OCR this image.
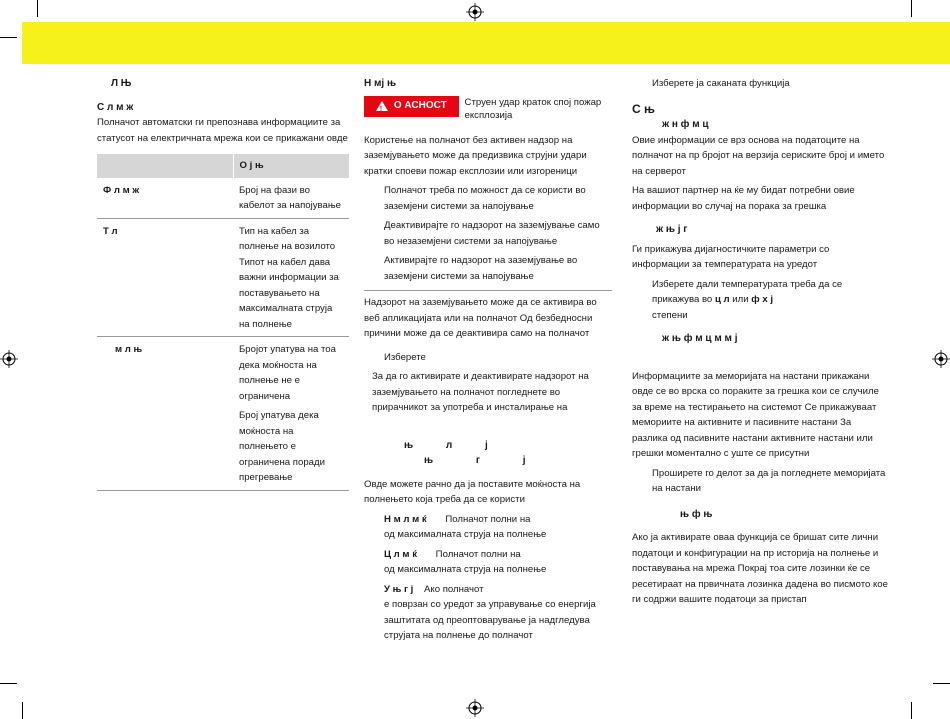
Л Њ
С л м ж

Полначот автоматски ги препознава информациите за статусот на електричната мрежа кои се прикажани овде

	О ј њ
Ф л м ж	Број на фази во кабелот за напојување
Т л	Тип на кабел за полнење на возилото Типот на кабел дава важни информации за поставувањето на максималната струја на полнење
м л њ	Бројот упатува на тоа дека моќноста на полнење не е ограничена
Број упатува дека моќноста на полнењето е ограничена поради прегревање
Н мј њ
!
О АСНОСТ Струен удар краток спој пожар експлозија

Користење на полначот без активен надзор на заземјувањето може да предизвика струјни удари кратки споеви пожар експлозии или изгореници

Полначот треба по можност да се користи во заземјени системи за напојување
Деактивирајте го надзорот на заземјување само во незаземјени системи за напојување
Активирајте го надзорот на заземјување во заземјени системи за напојување

Надзорот на заземјувањето може да се активира во веб апликацијата или на полначот Од безбедносни причини може да се деактивира само на полначот

Изберете

За да го активирате и деактивирате надзорот на заземјувањето на полначот погледнете во прирачникот за употреба и инсталирање на

њ л ј
њ г ј

Овде можете рачно да ја поставите моќноста на полнењето која треба да се користи

Н м л м ќ Полначот полни на
од максималната струја на полнење
Ц л м ќ Полначот полни на
од максималната струја на полнење
У њ г ј Ако полначот
е поврзан со уредот за управување со енергија заштитата од преоптоварување ја надгледува струјата на полнење до полначот
Изберете ја саканата функција
С њ
ж н ф м ц

Овие информации се врз основа на податоците на полначот на пр бројот на верзија сериските број и името на серверот

На вашиот партнер на ќе му бидат потребни овие информации во случај на порака за грешка

ж њ ј г

Ги прикажува дијагностичките параметри со информации за температурата на уредот

Изберете дали температурата треба да се прикажува во ц л или ф х ј
степени
ж њ ф м ц м м ј

Информациите за меморијата на настани прикажани овде се во врска со пораките за грешка кои се случиле за време на тестирањето на системот Се прикажуваат мемориите на активните и пасивните настани За разлика од пасивните настани активните настани или грешки моментално с уште се присутни

Проширете го делот за да ја погледнете меморијата на настани
њ ф њ

Ако ја активирате оваа функција се бришат сите лични податоци и конфигурации на пр историја на полнење и поставувања на мрежа Покрај тоа сите лозинки ќе се ресетираат на првичната лозинка дадена во писмото кое ги содржи вашите податоци за пристап
